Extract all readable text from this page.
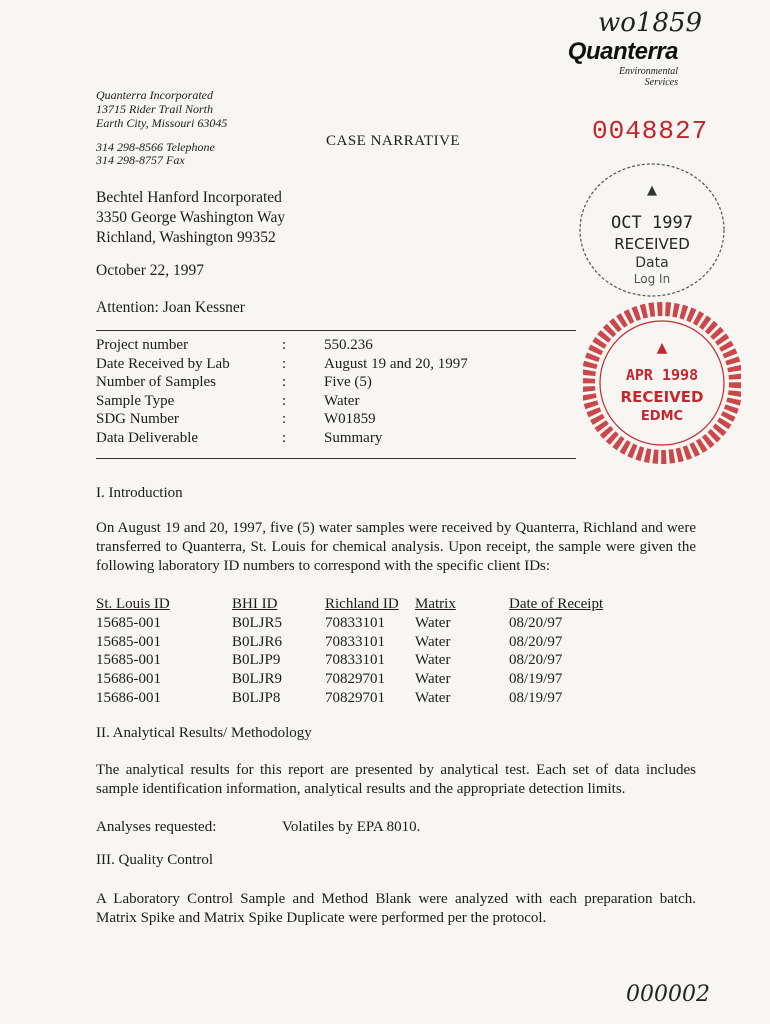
wo1859
Quanterra
Environmental
Services
Quanterra Incorporated
13715 Rider Trail North
Earth City, Missouri 63045
314 298-8566 Telephone
314 298-8757 Fax
CASE NARRATIVE	0048827
▲
OCT 1997
RECEIVED
Data
Log In
Bechtel Hanford Incorporated
3350 George Washington Way
Richland, Washington 99352
October 22, 1997
Attention: Joan Kessner
Project number	:	550.236
Date Received by Lab	:	August 19 and 20, 1997
Number of Samples	:	Five (5)
Sample Type	:	Water
SDG Number	:	W01859
Data Deliverable	:	Summary
▲
APR 1998
RECEIVED
EDMC
I. Introduction
On August 19 and 20, 1997, five (5) water samples were received by Quanterra, Richland and were transferred to Quanterra, St. Louis for chemical analysis. Upon receipt, the sample were given the following laboratory ID numbers to correspond with the specific client IDs:
St. Louis ID	BHI ID	Richland ID	Matrix	Date of Receipt
15685-001	B0LJR5	70833101	Water	08/20/97
15685-001	B0LJR6	70833101	Water	08/20/97
15685-001	B0LJP9	70833101	Water	08/20/97
15686-001	B0LJR9	70829701	Water	08/19/97
15686-001	B0LJP8	70829701	Water	08/19/97
II. Analytical Results/ Methodology
The analytical results for this report are presented by analytical test. Each set of data includes sample identification information, analytical results and the appropriate detection limits.
Analyses requested:	Volatiles by EPA 8010.
III. Quality Control
A Laboratory Control Sample and Method Blank were analyzed with each preparation batch. Matrix Spike and Matrix Spike Duplicate were performed per the protocol.
000002
